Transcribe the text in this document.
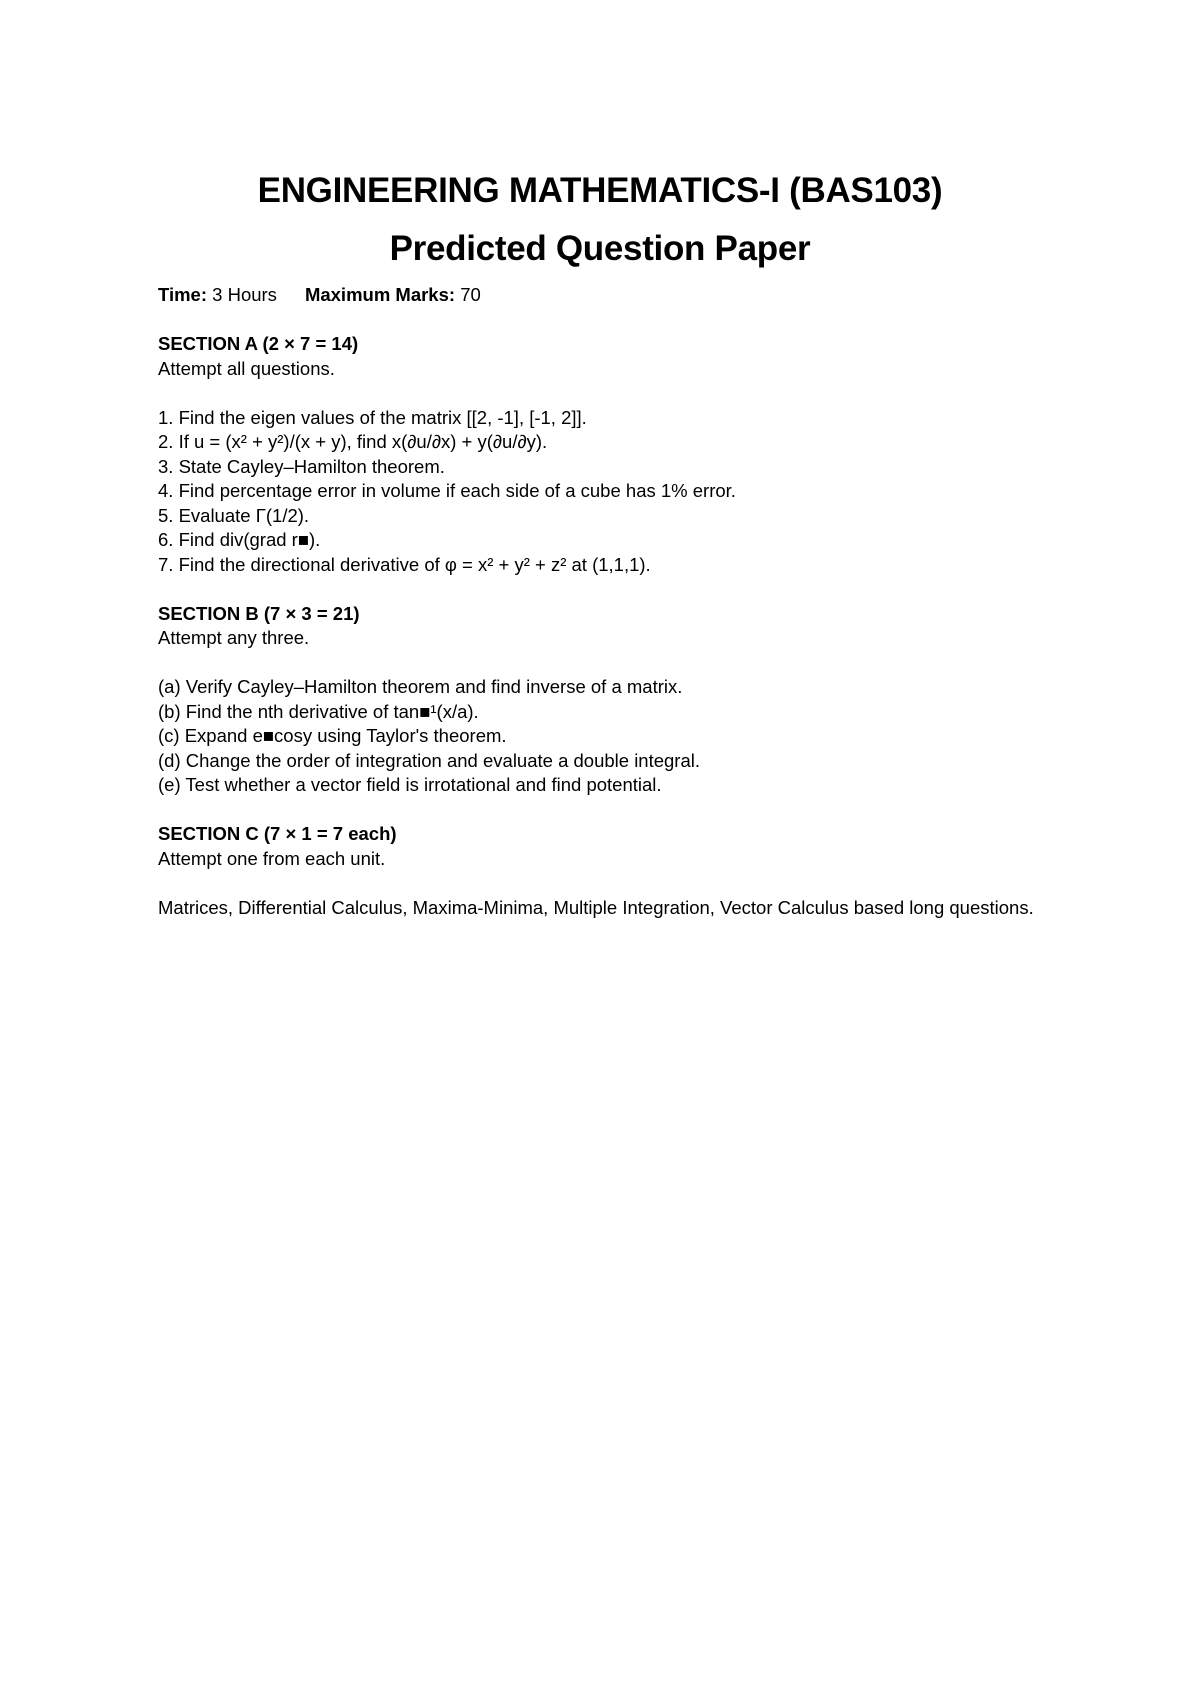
ENGINEERING MATHEMATICS-I (BAS103)
Predicted Question Paper

Time: 3 Hours Maximum Marks: 70

SECTION A (2 × 7 = 14)

Attempt all questions.

1. Find the eigen values of the matrix [[2, -1], [-1, 2]].
2. If u = (x² + y²)/(x + y), find x(∂u/∂x) + y(∂u/∂y).
3. State Cayley–Hamilton theorem.
4. Find percentage error in volume if each side of a cube has 1% error.
5. Evaluate Γ(1/2).
6. Find div(grad r■).
7. Find the directional derivative of φ = x² + y² + z² at (1,1,1).

SECTION B (7 × 3 = 21)

Attempt any three.

(a) Verify Cayley–Hamilton theorem and find inverse of a matrix.
(b) Find the nth derivative of tan■¹(x/a).
(c) Expand e■cosy using Taylor's theorem.
(d) Change the order of integration and evaluate a double integral.
(e) Test whether a vector field is irrotational and find potential.

SECTION C (7 × 1 = 7 each)

Attempt one from each unit.

Matrices, Differential Calculus, Maxima-Minima, Multiple Integration, Vector Calculus based long questions.
